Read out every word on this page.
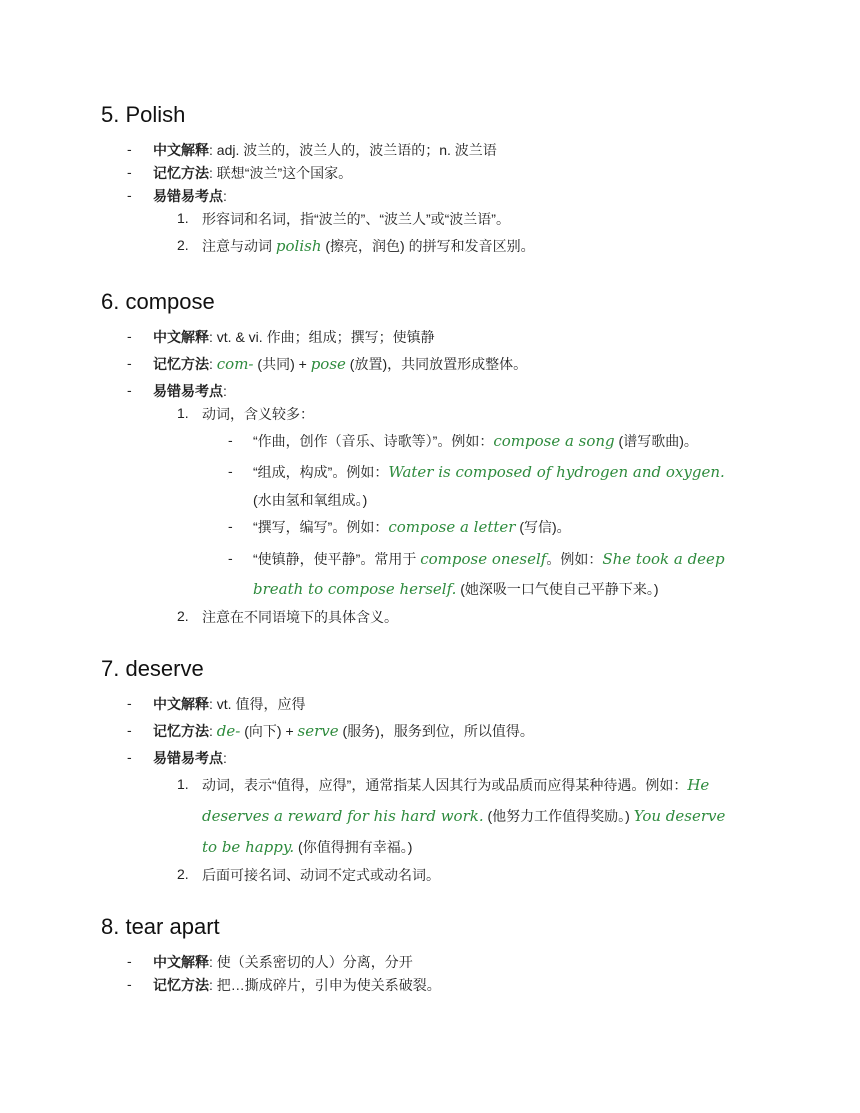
5. Polish
- 中文解释: adj. 波兰的，波兰人的，波兰语的；n. 波兰语
- 记忆方法: 联想“波兰”这个国家。
- 易错易考点:
1. 形容词和名词，指“波兰的”、“波兰人”或“波兰语”。
2. 注意与动词 polish (擦亮，润色) 的拼写和发音区别。
6. compose
- 中文解释: vt. & vi. 作曲；组成；撰写；使镇静
- 记忆方法: com- (共同) + pose (放置)，共同放置形成整体。
- 易错易考点:
1. 动词，含义较多：
- “作曲，创作（音乐、诗歌等）”。例如：compose a song (谱写歌曲)。
- “组成，构成”。例如：Water is composed of hydrogen and oxygen.
(水由氢和氧组成。)
- “撰写，编写”。例如：compose a letter (写信)。
- “使镇静，使平静”。常用于 compose oneself。例如：She took a deep
breath to compose herself. (她深吸一口气使自己平静下来。)
2. 注意在不同语境下的具体含义。
7. deserve
- 中文解释: vt. 值得，应得
- 记忆方法: de- (向下) + serve (服务)，服务到位，所以值得。
- 易错易考点:
1. 动词，表示“值得，应得”，通常指某人因其行为或品质而应得某种待遇。例如：He
deserves a reward for his hard work. (他努力工作值得奖励。) You deserve
to be happy. (你值得拥有幸福。)
2. 后面可接名词、动词不定式或动名词。
8. tear apart
- 中文解释: 使（关系密切的人）分离，分开
- 记忆方法: 把…撕成碎片，引申为使关系破裂。
